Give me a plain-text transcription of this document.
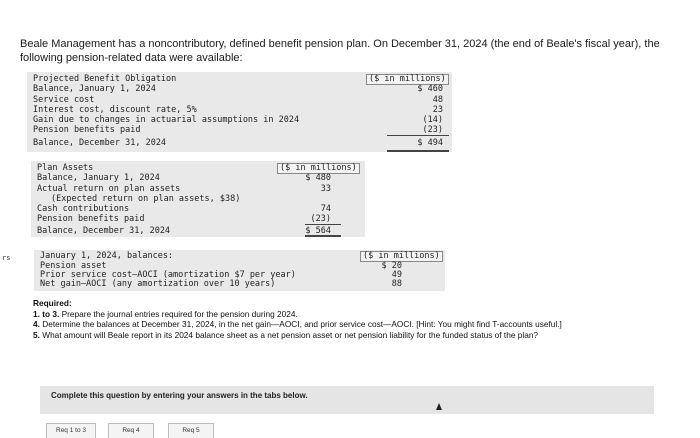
rs
Beale Management has a noncontributory, defined benefit pension plan. On December 31, 2024 (the end of Beale's fiscal year), the following pension-related data were available:
Projected Benefit Obligation	($ in millions)
Balance, January 1, 2024	$ 460
Service cost	48
Interest cost, discount rate, 5%	23
Gain due to changes in actuarial assumptions in 2024	(14)
Pension benefits paid	(23)
Balance, December 31, 2024	$ 494
Plan Assets	($ in millions)
Balance, January 1, 2024	$ 480
Actual return on plan assets	33
(Expected return on plan assets, $38)
Cash contributions	74
Pension benefits paid	(23)
Balance, December 31, 2024	$ 564
January 1, 2024, balances:	($ in millions)
Pension asset	$ 20
Prior service cost–AOCI (amortization $7 per year)	49
Net gain–AOCI (any amortization over 10 years)	88
Required:
1. to 3. Prepare the journal entries required for the pension during 2024.
4. Determine the balances at December 31, 2024, in the net gain—AOCI, and prior service cost—AOCI. [Hint: You might find T-accounts useful.]
5. What amount will Beale report in its 2024 balance sheet as a net pension asset or net pension liability for the funded status of the plan?
Complete this question by entering your answers in the tabs below.
Req 1 to 3	Req 4	Req 5
